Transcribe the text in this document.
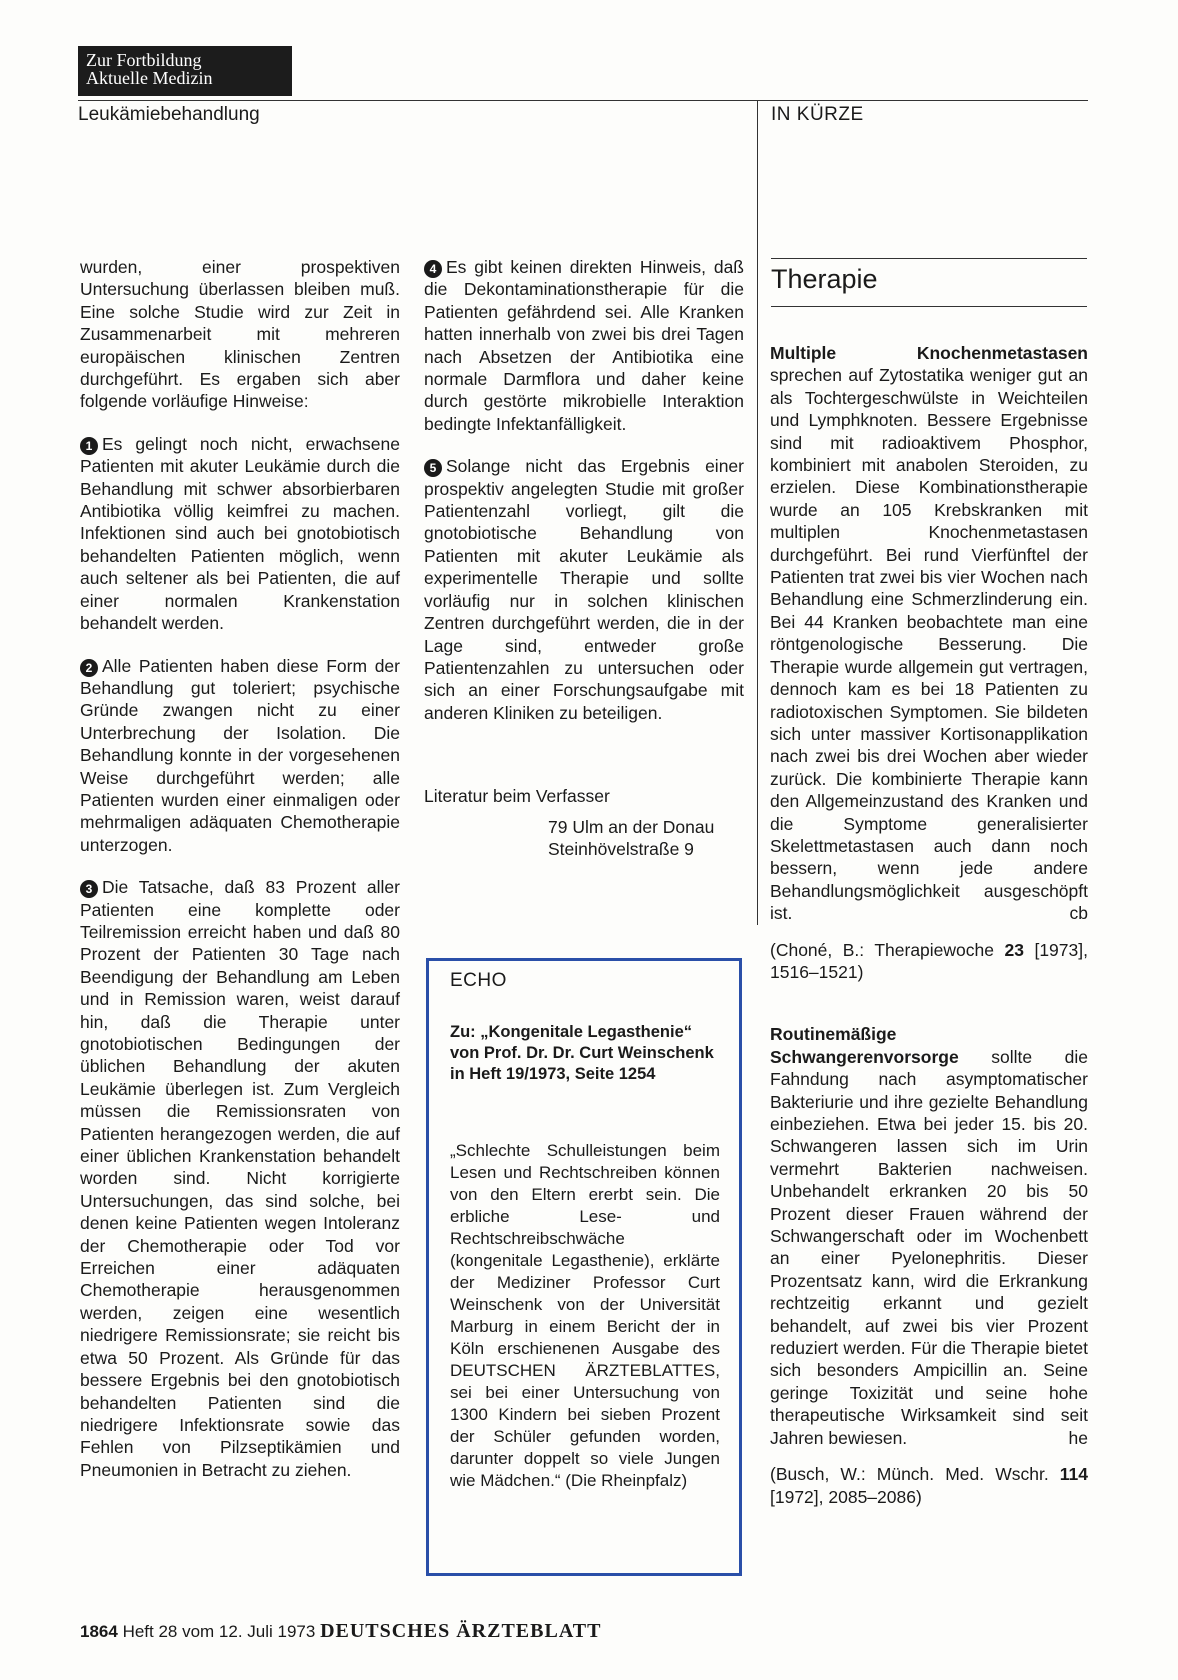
Zur Fortbildung
Aktuelle Medizin
Leukämiebehandlung	IN KÜRZE

wurden, einer prospektiven Untersuchung überlassen bleiben muß. Eine solche Studie wird zur Zeit in Zusammenarbeit mit mehreren europäischen klinischen Zentren durchgeführt. Es ergaben sich aber folgende vorläufige Hinweise:

1 Es gelingt noch nicht, erwachsene Patienten mit akuter Leukämie durch die Behandlung mit schwer absorbierbaren Antibiotika völlig keimfrei zu machen. Infektionen sind auch bei gnotobiotisch behandelten Patienten möglich, wenn auch seltener als bei Patienten, die auf einer normalen Krankenstation behandelt werden.

2 Alle Patienten haben diese Form der Behandlung gut toleriert; psychische Gründe zwangen nicht zu einer Unterbrechung der Isolation. Die Behandlung konnte in der vorgesehenen Weise durchgeführt werden; alle Patienten wurden einer einmaligen oder mehrmaligen adäquaten Chemotherapie unterzogen.

3 Die Tatsache, daß 83 Prozent aller Patienten eine komplette oder Teilremission erreicht haben und daß 80 Prozent der Patienten 30 Tage nach Beendigung der Behandlung am Leben und in Remission waren, weist darauf hin, daß die Therapie unter gnotobiotischen Bedingungen der üblichen Behandlung der akuten Leukämie überlegen ist. Zum Vergleich müssen die Remissionsraten von Patienten herangezogen werden, die auf einer üblichen Krankenstation behandelt worden sind. Nicht korrigierte Untersuchungen, das sind solche, bei denen keine Patienten wegen Intoleranz der Chemotherapie oder Tod vor Erreichen einer adäquaten Chemotherapie herausgenommen werden, zeigen eine wesentlich niedrigere Remissionsrate; sie reicht bis etwa 50 Prozent. Als Gründe für das bessere Ergebnis bei den gnotobiotisch behandelten Patienten sind die niedrigere Infektionsrate sowie das Fehlen von Pilzseptikämien und Pneumonien in Betracht zu ziehen.

4 Es gibt keinen direkten Hinweis, daß die Dekontaminationstherapie für die Patienten gefährdend sei. Alle Kranken hatten innerhalb von zwei bis drei Tagen nach Absetzen der Antibiotika eine normale Darmflora und daher keine durch gestörte mikrobielle Interaktion bedingte Infektanfälligkeit.

5 Solange nicht das Ergebnis einer prospektiv angelegten Studie mit großer Patientenzahl vorliegt, gilt die gnotobiotische Behandlung von Patienten mit akuter Leukämie als experimentelle Therapie und sollte vorläufig nur in solchen klinischen Zentren durchgeführt werden, die in der Lage sind, entweder große Patientenzahlen zu untersuchen oder sich an einer Forschungsaufgabe mit anderen Kliniken zu beteiligen.

Literatur beim Verfasser
79 Ulm an der Donau
Steinhövelstraße 9
ECHO
Zu: „Kongenitale Legasthenie“ von Prof. Dr. Dr. Curt Weinschenk in Heft 19/1973, Seite 1254
„Schlechte Schulleistungen beim Lesen und Rechtschreiben können von den Eltern ererbt sein. Die erbliche Lese- und Rechtschreibschwäche (kongenitale Legasthenie), erklärte der Mediziner Professor Curt Weinschenk von der Universität Marburg in einem Bericht der in Köln erschienenen Ausgabe des DEUTSCHEN ÄRZTEBLATTES, sei bei einer Untersuchung von 1300 Kindern bei sieben Prozent der Schüler gefunden worden, darunter doppelt so viele Jungen wie Mädchen.“ (Die Rheinpfalz)
Therapie

Multiple Knochenmetastasen sprechen auf Zytostatika weniger gut an als Tochtergeschwülste in Weichteilen und Lymphknoten. Bessere Ergebnisse sind mit radioaktivem Phosphor, kombiniert mit anabolen Steroiden, zu erzielen. Diese Kombinationstherapie wurde an 105 Krebskranken mit multiplen Knochenmetastasen durchgeführt. Bei rund Vierfünftel der Patienten trat zwei bis vier Wochen nach Behandlung eine Schmerzlinderung ein. Bei 44 Kranken beobachtete man eine röntgenologische Besserung. Die Therapie wurde allgemein gut vertragen, dennoch kam es bei 18 Patienten zu radiotoxischen Symptomen. Sie bildeten sich unter massiver Kortisonapplikation nach zwei bis drei Wochen aber wieder zurück. Die kombinierte Therapie kann den Allgemeinzustand des Kranken und die Symptome generalisierter Skelettmetastasen auch dann noch bessern, wenn jede andere Behandlungsmöglichkeit ausgeschöpft ist.	cb

(Choné, B.: Therapiewoche 23 [1973], 1516–1521)

Routinemäßige Schwangerenvorsorge sollte die Fahndung nach asymptomatischer Bakteriurie und ihre gezielte Behandlung einbeziehen. Etwa bei jeder 15. bis 20. Schwangeren lassen sich im Urin vermehrt Bakterien nachweisen. Unbehandelt erkranken 20 bis 50 Prozent dieser Frauen während der Schwangerschaft oder im Wochenbett an einer Pyelonephritis. Dieser Prozentsatz kann, wird die Erkrankung rechtzeitig erkannt und gezielt behandelt, auf zwei bis vier Prozent reduziert werden. Für die Therapie bietet sich besonders Ampicillin an. Seine geringe Toxizität und seine hohe therapeutische Wirksamkeit sind seit Jahren bewiesen.	he

(Busch, W.: Münch. Med. Wschr. 114 [1972], 2085–2086)

1864 Heft 28 vom 12. Juli 1973 DEUTSCHES ÄRZTEBLATT
